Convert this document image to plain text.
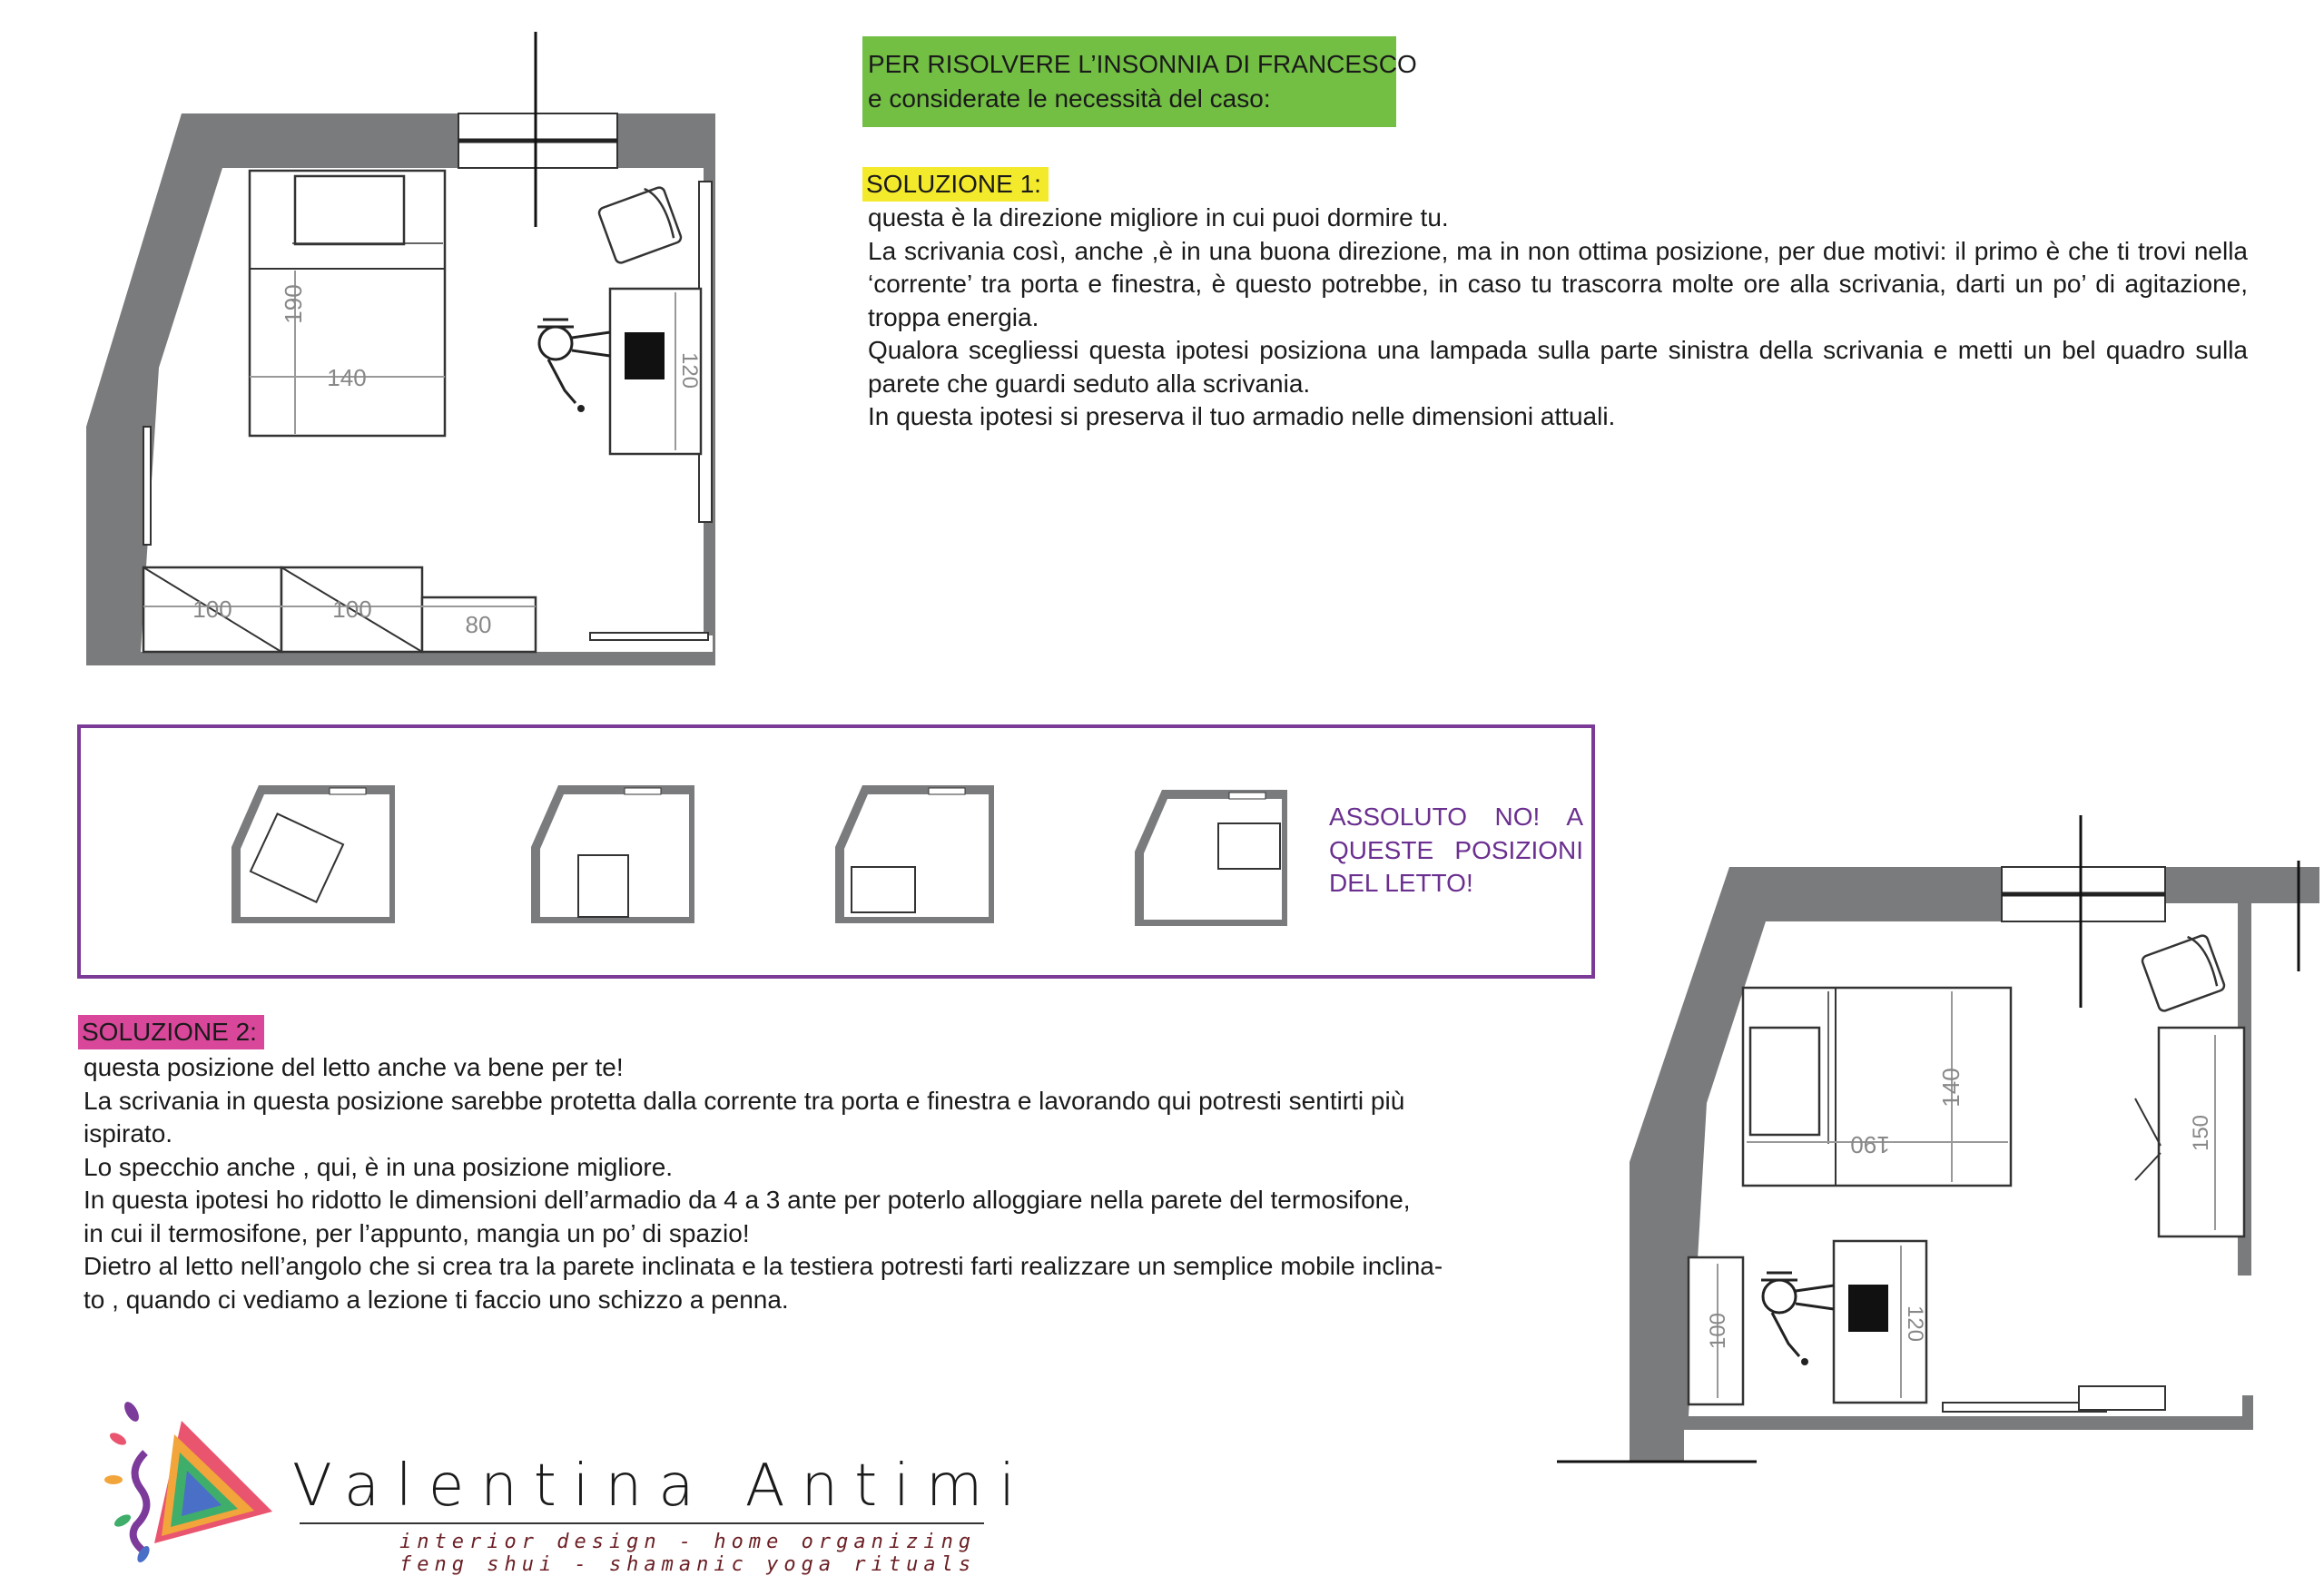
140
190
120
100	100
80
140
190	150
120
100
PER RISOLVERE L’INSONNIA DI FRANCESCO
e considerate le necessità del caso:
SOLUZIONE 1:

questa è la direzione migliore in cui puoi dormire tu.

La scrivania così, anche ,è in una buona direzione, ma in non ottima posizione, per due motivi: il primo è che ti trovi nella ‘corrente’ tra porta e finestra, è questo potrebbe, in caso tu trascorra molte ore alla scrivania, darti un po’ di agitazione, troppa energia.

Qualora scegliessi questa ipotesi posiziona una lampada sulla parte sinistra della scrivania e metti un bel quadro sulla parete che guardi seduto alla scrivania.

In questa ipotesi si preserva il tuo armadio nelle dimensioni attuali.

ASSOLUTO NO! A QUESTE POSIZIONI DEL LETTO!
SOLUZIONE 2:

questa posizione del letto anche va bene per te!

La scrivania in questa posizione sarebbe protetta dalla corrente tra porta e finestra e lavorando qui potresti sentirti più

ispirato.

Lo specchio anche , qui, è in una posizione migliore.

In questa ipotesi ho ridotto le dimensioni dell’armadio da 4 a 3 ante per poterlo alloggiare nella parete del termosifone,

in cui il termosifone, per l’appunto, mangia un po’ di spazio!

Dietro al letto nell’angolo che si crea tra la parete inclinata e la testiera potresti farti realizzare un semplice mobile inclina-

to , quando ci vediamo a lezione ti faccio uno schizzo a penna.

Valentina Antimi
interior design - home organizing
feng shui - shamanic yoga rituals
